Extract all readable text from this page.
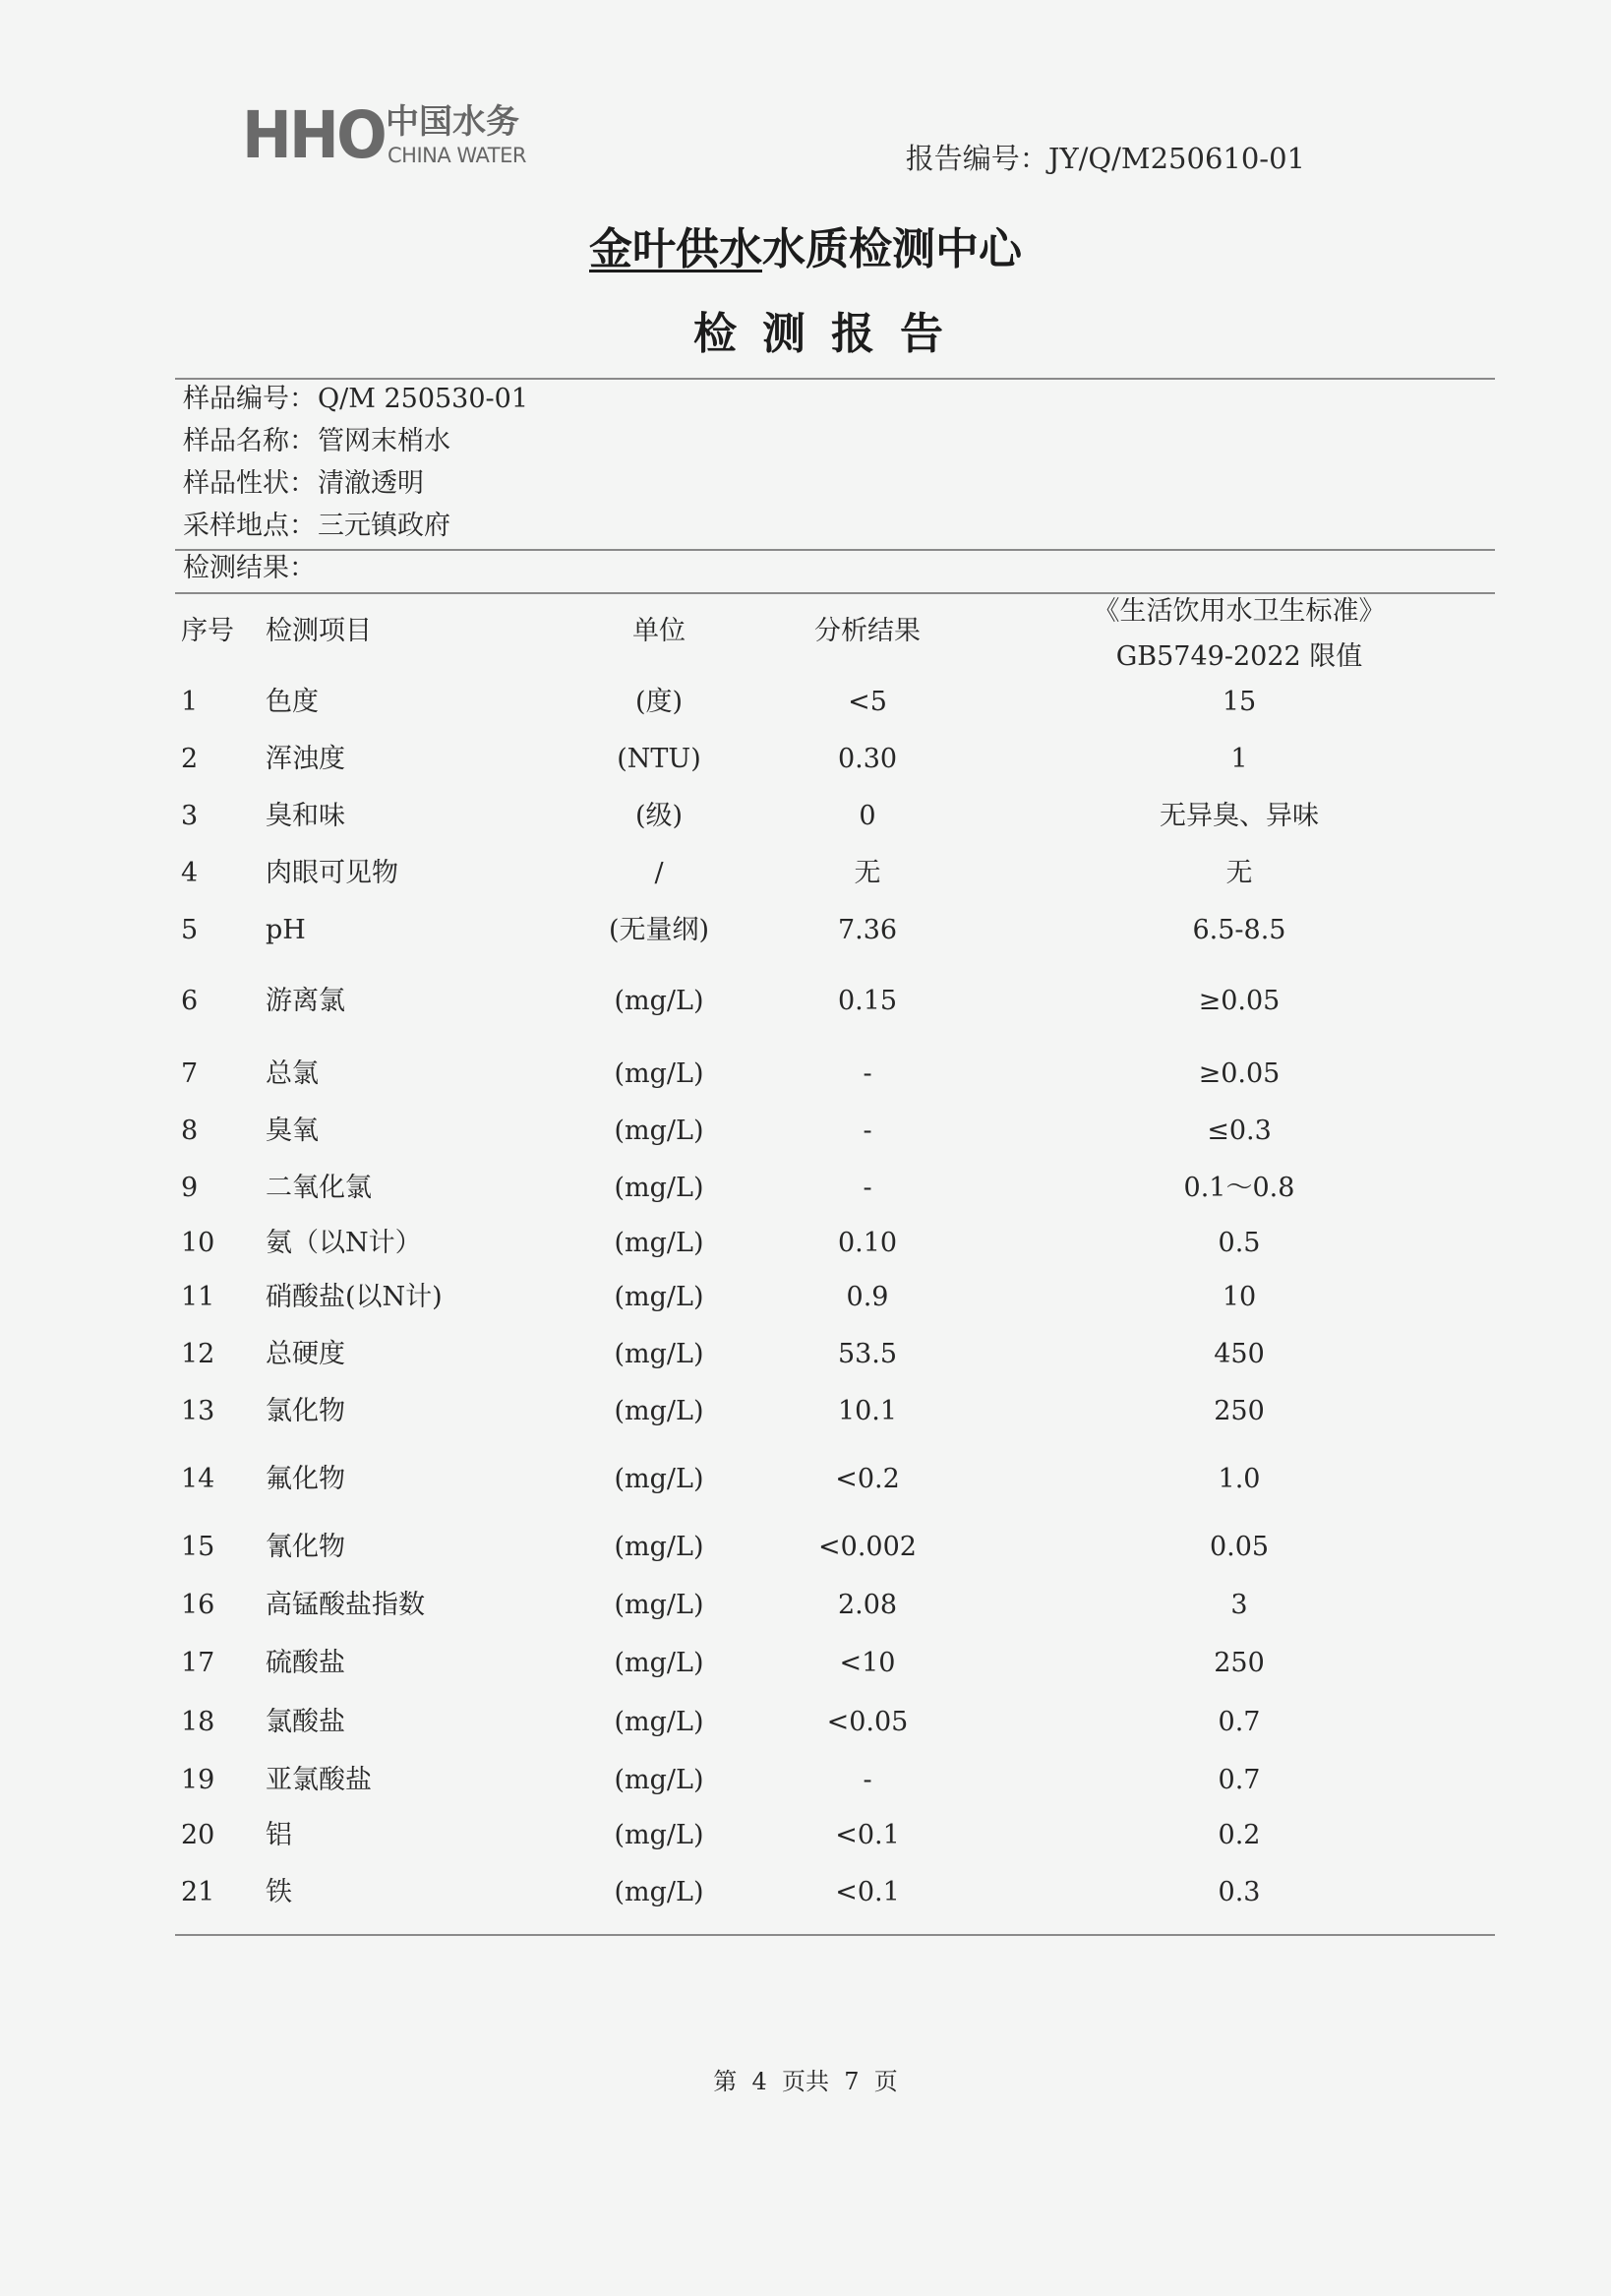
HHO 中国水务
CHINA WATER	报告编号：JY/Q/M250610-01
金叶供水水质检测中心
检测报告
样品编号：Q/M 250530-01
样品名称：管网末梢水
样品性状：清澈透明
采样地点：三元镇政府
检测结果：
序号 检测项目	单位	分析结果
《生活饮用水卫生标准》
GB5749-2022 限值
1	色度	(度)	<5	15
2	浑浊度	(NTU)	0.30	1
3	臭和味	(级)	0	无异臭、异味
4	肉眼可见物	/	无	无
5	pH	(无量纲)	7.36	6.5-8.5
6	游离氯	(mg/L)	0.15	≥0.05
7	总氯	(mg/L)	-	≥0.05
8	臭氧	(mg/L)	-	≤0.3
9	二氧化氯	(mg/L)	-	0.1～0.8
10 氨（以N计）	(mg/L)	0.10	0.5
11 硝酸盐(以N计)	(mg/L)	0.9	10
12 总硬度	(mg/L)	53.5	450
13 氯化物	(mg/L)	10.1	250
14 氟化物	(mg/L)	<0.2	1.0
15 氰化物	(mg/L)	<0.002	0.05
16 高锰酸盐指数	(mg/L)	2.08	3
17 硫酸盐	(mg/L)	<10	250
18 氯酸盐	(mg/L)	<0.05	0.7
19 亚氯酸盐	(mg/L)	-	0.7
20 铝	(mg/L)	<0.1	0.2
21 铁	(mg/L)	<0.1	0.3
第  4  页共  7  页
